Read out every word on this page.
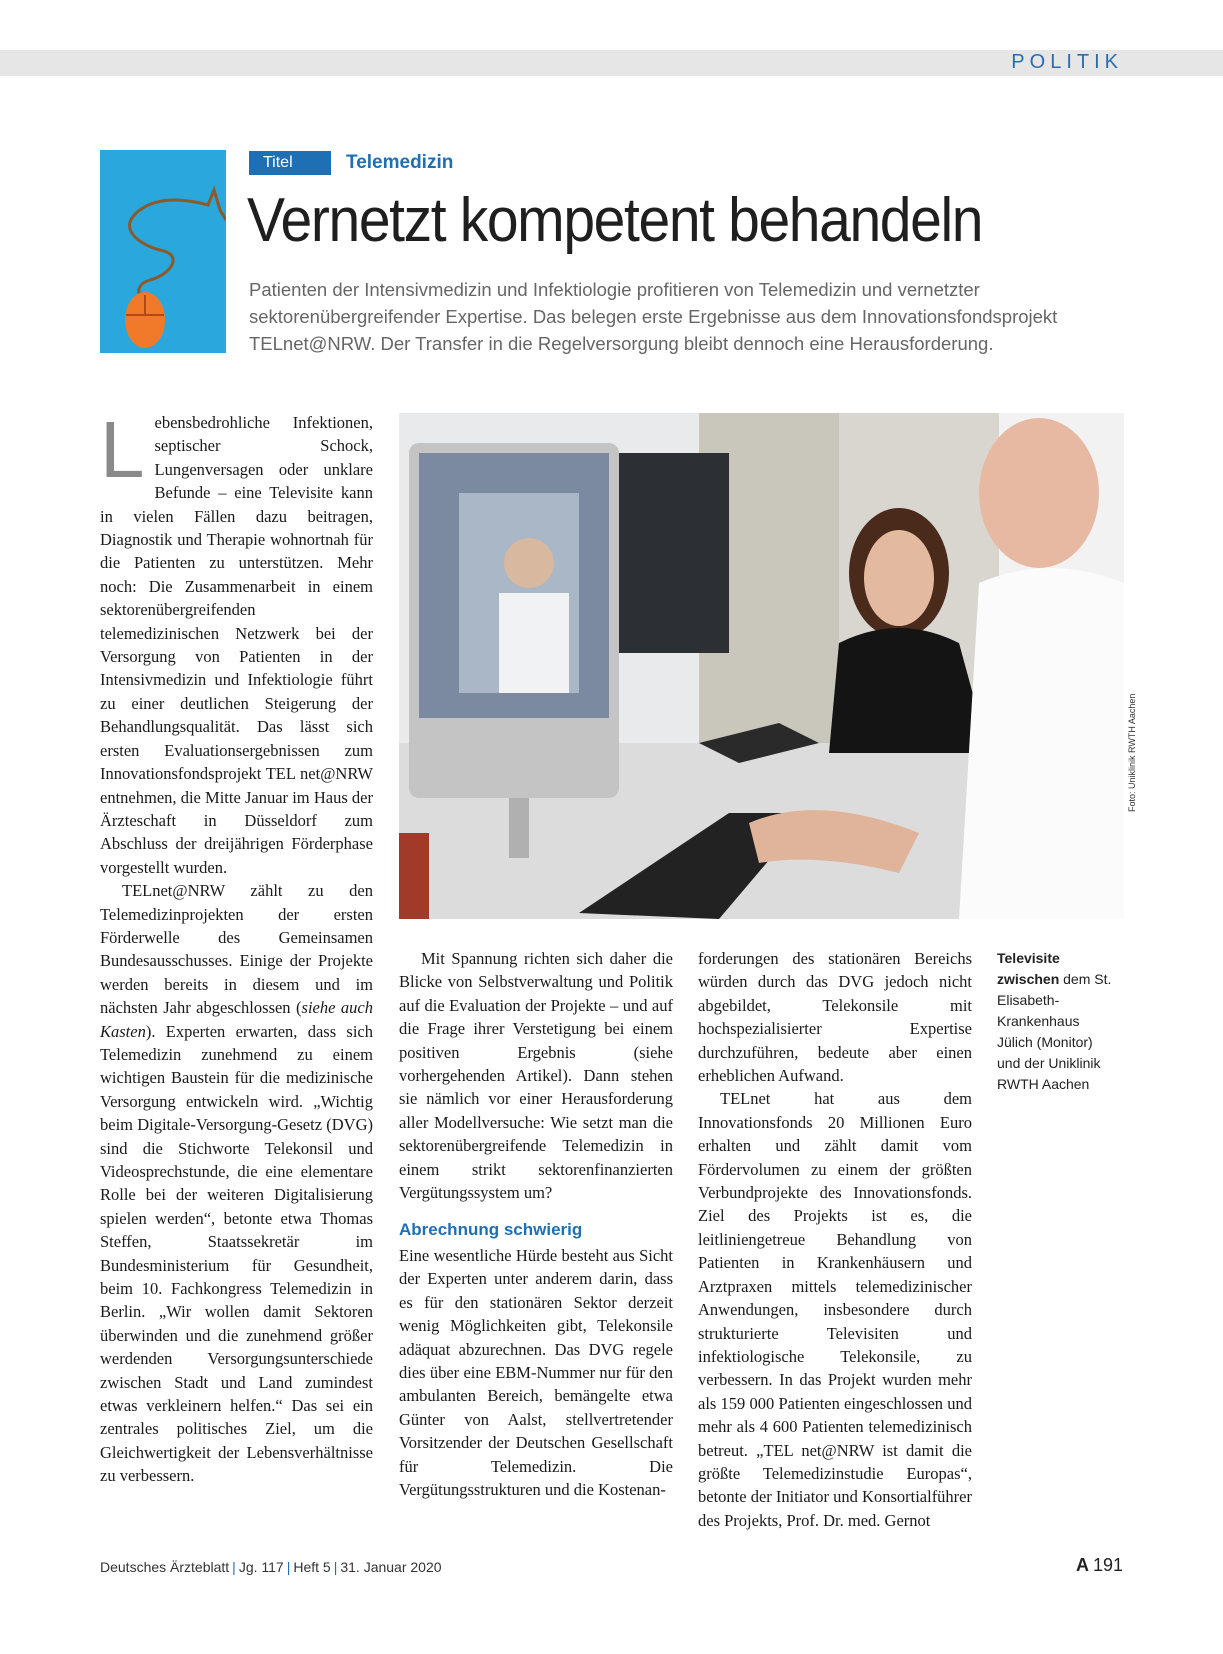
POLITIK
Titel	Telemedizin
Vernetzt kompetent behandeln
Patienten der Intensivmedizin und Infektiologie profitieren von Telemedizin und vernetzter sektorenübergreifender Expertise. Das belegen erste Ergebnisse aus dem Innovationsfondsprojekt TELnet@NRW. Der Transfer in die Regelversorgung bleibt dennoch eine Herausforderung.

Lebensbedrohliche Infektionen, septischer Schock, Lungenversagen oder unklare Befunde – eine Televisite kann in vielen Fällen dazu beitragen, Diagnostik und Therapie wohnortnah für die Patienten zu unterstützen. Mehr noch: Die Zusammenarbeit in einem sektorenübergreifenden telemedizinischen Netzwerk bei der Versorgung von Patienten in der Intensivmedizin und Infektiologie führt zu einer deutlichen Steigerung der Behandlungsqualität. Das lässt sich ersten Evaluationsergebnissen zum Innovationsfondsprojekt TEL net@NRW entnehmen, die Mitte Januar im Haus der Ärzteschaft in Düsseldorf zum Abschluss der dreijährigen Förderphase vorgestellt wurden.

TELnet@NRW zählt zu den Telemedizinprojekten der ersten Förderwelle des Gemeinsamen Bundesausschusses. Einige der Projekte werden bereits in diesem und im nächsten Jahr abgeschlossen (siehe auch Kasten). Experten erwarten, dass sich Telemedizin zunehmend zu einem wichtigen Baustein für die medizinische Versorgung entwickeln wird. „Wichtig beim Digitale-Versorgung-Gesetz (DVG) sind die Stichworte Telekonsil und Videosprechstunde, die eine elementare Rolle bei der weiteren Digitalisierung spielen werden“, betonte etwa Thomas Steffen, Staatssekretär im Bundesministerium für Gesundheit, beim 10. Fachkongress Telemedizin in Berlin. „Wir wollen damit Sektoren überwinden und die zunehmend größer werdenden Versorgungsunterschiede zwischen Stadt und Land zumindest etwas verkleinern helfen.“ Das sei ein zentrales politisches Ziel, um die Gleichwertigkeit der Lebensverhältnisse zu verbessern.

Foto: Uniklinik RWTH Aachen

Mit Spannung richten sich daher die Blicke von Selbstverwaltung und Politik auf die Evaluation der Projekte – und auf die Frage ihrer Verstetigung bei einem positiven Ergebnis (siehe vorhergehenden Artikel). Dann stehen sie nämlich vor einer Herausforderung aller Modellversuche: Wie setzt man die sektorenübergreifende Telemedizin in einem strikt sektorenfinanzierten Vergütungssystem um?

Abrechnung schwierig

Eine wesentliche Hürde besteht aus Sicht der Experten unter anderem darin, dass es für den stationären Sektor derzeit wenig Möglichkeiten gibt, Telekonsile adäquat abzurechnen. Das DVG regele dies über eine EBM-Nummer nur für den ambulanten Bereich, bemängelte etwa Günter von Aalst, stellvertretender Vorsitzender der Deutschen Gesellschaft für Telemedizin. Die Vergütungsstrukturen und die Kostenan-

forderungen des stationären Bereichs würden durch das DVG jedoch nicht abgebildet, Telekonsile mit hochspezialisierter Expertise durchzuführen, bedeute aber einen erheblichen Aufwand.

TELnet hat aus dem Innovationsfonds 20 Millionen Euro erhalten und zählt damit vom Fördervolumen zu einem der größten Verbundprojekte des Innovationsfonds. Ziel des Projekts ist es, die leitliniengetreue Behandlung von Patienten in Krankenhäusern und Arztpraxen mittels telemedizinischer Anwendungen, insbesondere durch strukturierte Televisiten und infektiologische Telekonsile, zu verbessern. In das Projekt wurden mehr als 159 000 Patienten eingeschlossen und mehr als 4 600 Patienten telemedizinisch betreut. „TEL net@NRW ist damit die größte Telemedizinstudie Europas“, betonte der Initiator und Konsortialführer des Projekts, Prof. Dr. med. Gernot

Televisite zwischen dem St. Elisabeth-Krankenhaus Jülich (Monitor) und der Uniklinik RWTH Aachen
Deutsches Ärzteblatt | Jg. 117 | Heft 5 | 31. Januar 2020	A 191
